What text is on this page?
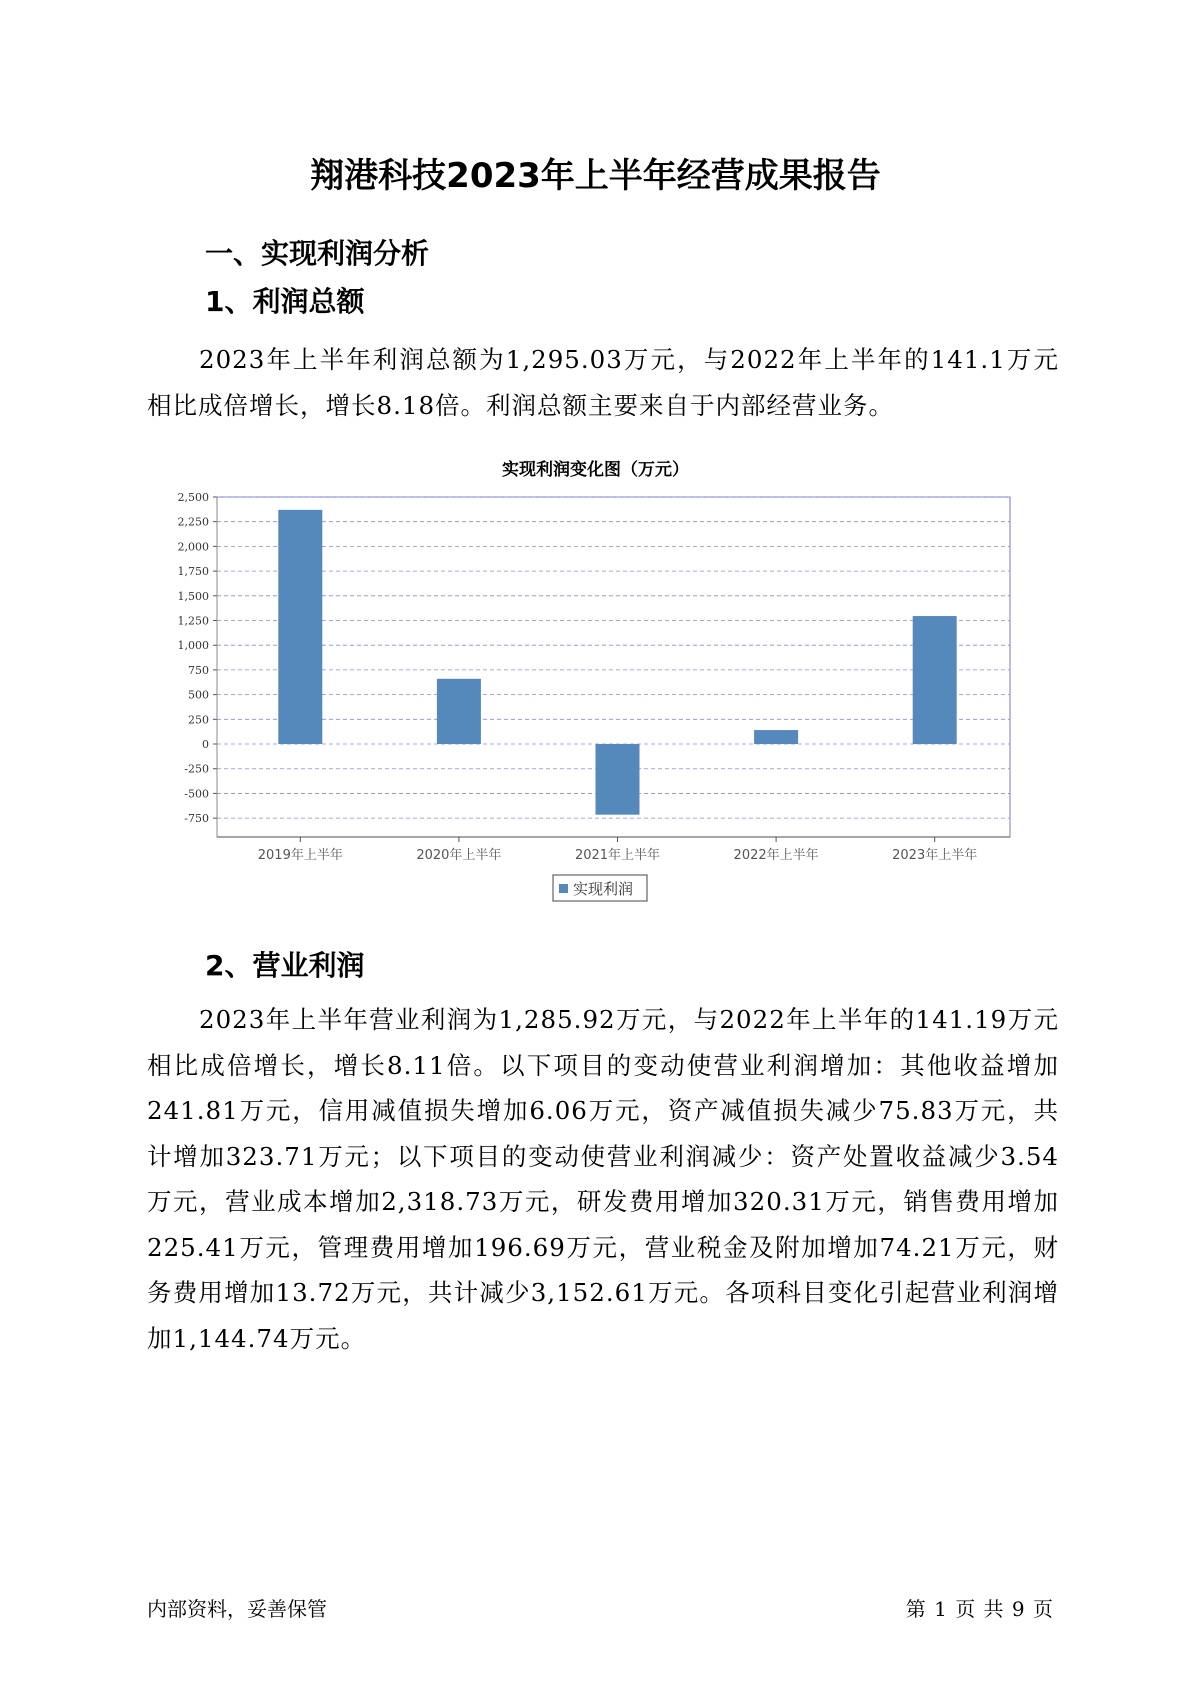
翔港科技2023年上半年经营成果报告
一、实现利润分析
1、利润总额
2023年上半年利润总额为1,295.03万元，与2022年上半年的141.1万元相比成倍增长，增长8.18倍。利润总额主要来自于内部经营业务。
实现利润变化图（万元）
2,500
2,250
2,000
1,750
1,500
1,250
1,000
750
500
250
0
-250
-500
-750
2019年上半年	2020年上半年	2021年上半年	2022年上半年	2023年上半年
实现利润
2、营业利润
2023年上半年营业利润为1,285.92万元，与2022年上半年的141.19万元相比成倍增长，增长8.11倍。以下项目的变动使营业利润增加：其他收益增加241.81万元，信用减值损失增加6.06万元，资产减值损失减少75.83万元，共计增加323.71万元；以下项目的变动使营业利润减少：资产处置收益减少3.54万元，营业成本增加2,318.73万元，研发费用增加320.31万元，销售费用增加225.41万元，管理费用增加196.69万元，营业税金及附加增加74.21万元，财务费用增加13.72万元，共计减少3,152.61万元。各项科目变化引起营业利润增加1,144.74万元。
内部资料，妥善保管	第 1 页 共 9 页
